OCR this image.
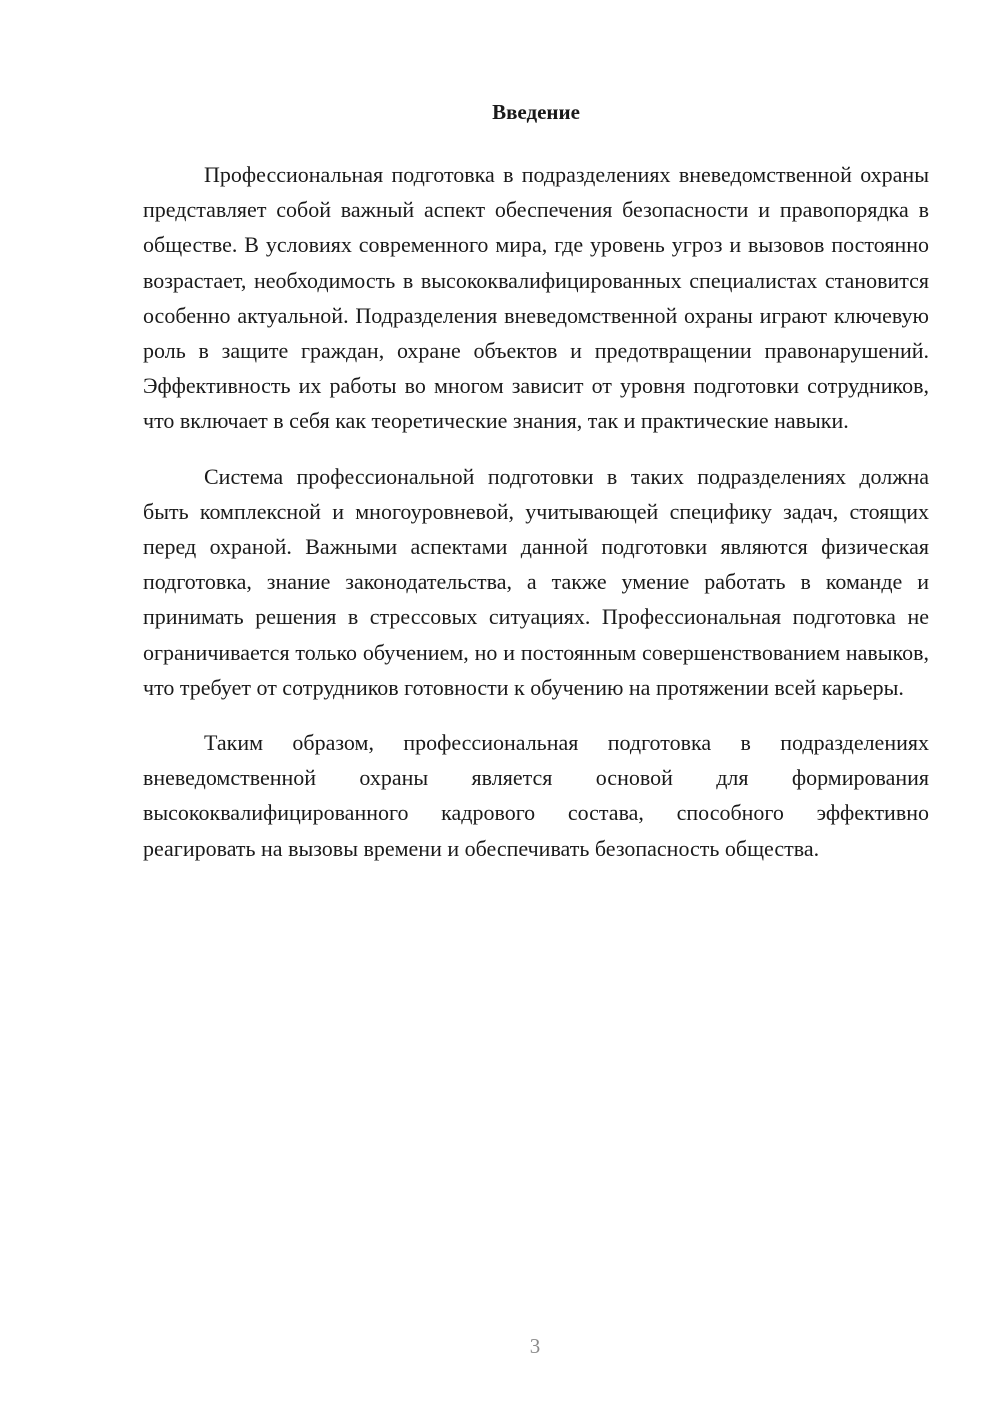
Введение

Профессиональная подготовка в подразделениях вневедомственной охраны представляет собой важный аспект обеспечения безопасности и правопорядка в обществе. В условиях современного мира, где уровень угроз и вызовов постоянно возрастает, необходимость в высококвалифицированных специалистах становится особенно актуальной. Подразделения вневедомственной охраны играют ключевую роль в защите граждан, охране объектов и предотвращении правонарушений. Эффективность их работы во многом зависит от уровня подготовки сотрудников, что включает в себя как теоретические знания, так и практические навыки.

Система профессиональной подготовки в таких подразделениях должна быть комплексной и многоуровневой, учитывающей специфику задач, стоящих перед охраной. Важными аспектами данной подготовки являются физическая подготовка, знание законодательства, а также умение работать в команде и принимать решения в стрессовых ситуациях. Профессиональная подготовка не ограничивается только обучением, но и постоянным совершенствованием навыков, что требует от сотрудников готовности к обучению на протяжении всей карьеры.

Таким образом, профессиональная подготовка в подразделениях вневедомственной охраны является основой для формирования высококвалифицированного кадрового состава, способного эффективно реагировать на вызовы времени и обеспечивать безопасность общества.

3
